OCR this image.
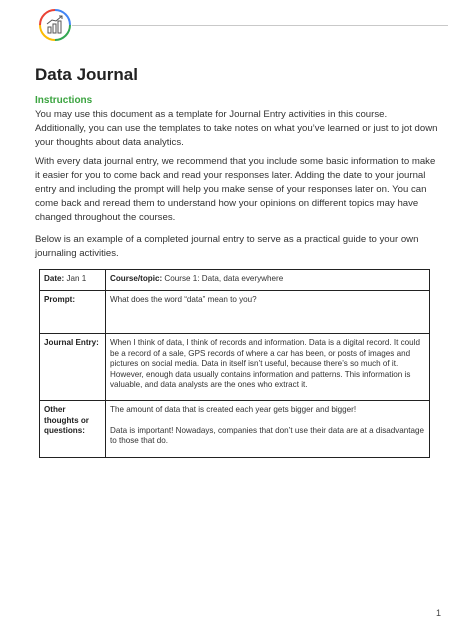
Data Journal
Instructions

You may use this document as a template for Journal Entry activities in this course. Additionally, you can use the templates to take notes on what you’ve learned or just to jot down your thoughts about data analytics.

With every data journal entry, we recommend that you include some basic information to make it easier for you to come back and read your responses later. Adding the date to your journal entry and including the prompt will help you make sense of your responses later on. You can come back and reread them to understand how your opinions on different topics may have changed throughout the courses.

Below is an example of a completed journal entry to serve as a practical guide to your own journaling activities.

Date: Jan 1	Course/topic: Course 1: Data, data everywhere
Prompt:	What does the word “data” mean to you?
Journal Entry:	When I think of data, I think of records and information. Data is a digital record. It could be a record of a sale, GPS records of where a car has been, or posts of images and pictures on social media. Data in itself isn’t useful, because there’s so much of it. However, enough data usually contains information and patterns. This information is valuable, and data analysts are the ones who extract it.
Other thoughts or questions:	The amount of data that is created each year gets bigger and bigger!

Data is important! Nowadays, companies that don’t use their data are at a disadvantage to those that do.

1
